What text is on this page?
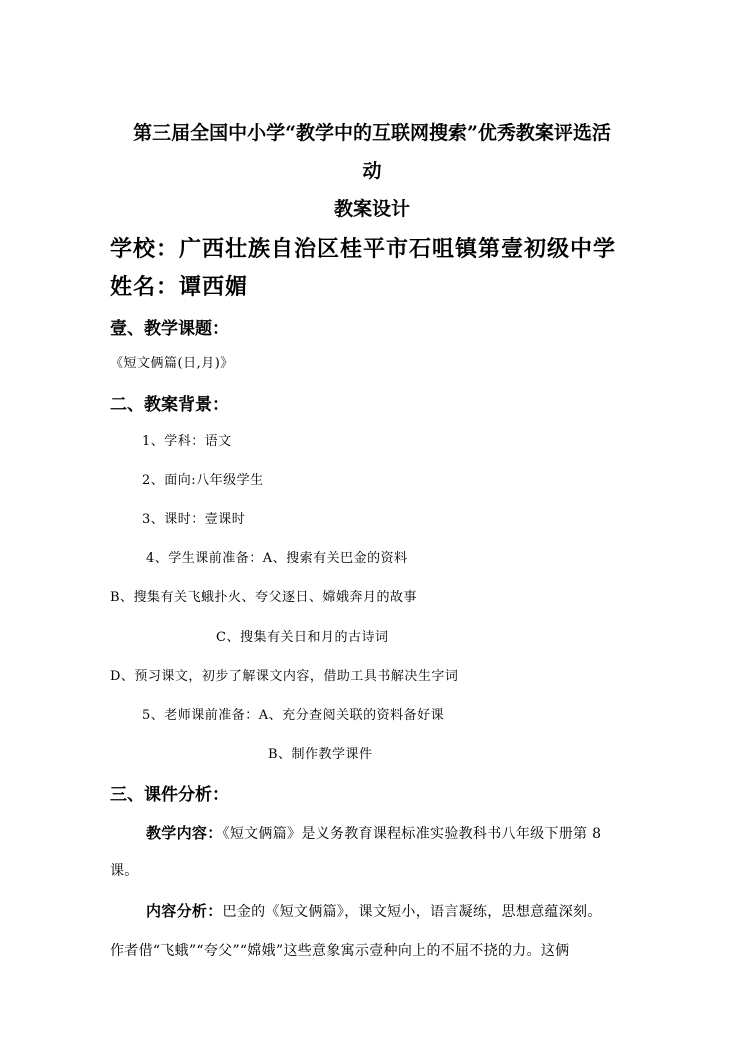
第三届全国中小学“教学中的互联网搜索”优秀教案评选活
动
教案设计
学校：广西壮族自治区桂平市石咀镇第壹初级中学
姓名：谭西媚
壹、教学课题：
《短文俩篇(日,月)》
二、教案背景：
1、学科：语文
2、面向:八年级学生
3、课时：壹课时
4、学生课前准备：A、搜索有关巴金的资料
B、搜集有关飞蛾扑火、夸父逐日、嫦娥奔月的故事
C、搜集有关日和月的古诗词
D、预习课文，初步了解课文内容，借助工具书解决生字词
5、老师课前准备：A、充分查阅关联的资料备好课
B、制作教学课件
三、课件分析：
教学内容：《短文俩篇》是义务教育课程标准实验教科书八年级下册第 8
课。
内容分析：巴金的《短文俩篇》，课文短小，语言凝练，思想意蕴深刻。
作者借“飞蛾”“夸父”“嫦娥”这些意象寓示壹种向上的不屈不挠的力。这俩
